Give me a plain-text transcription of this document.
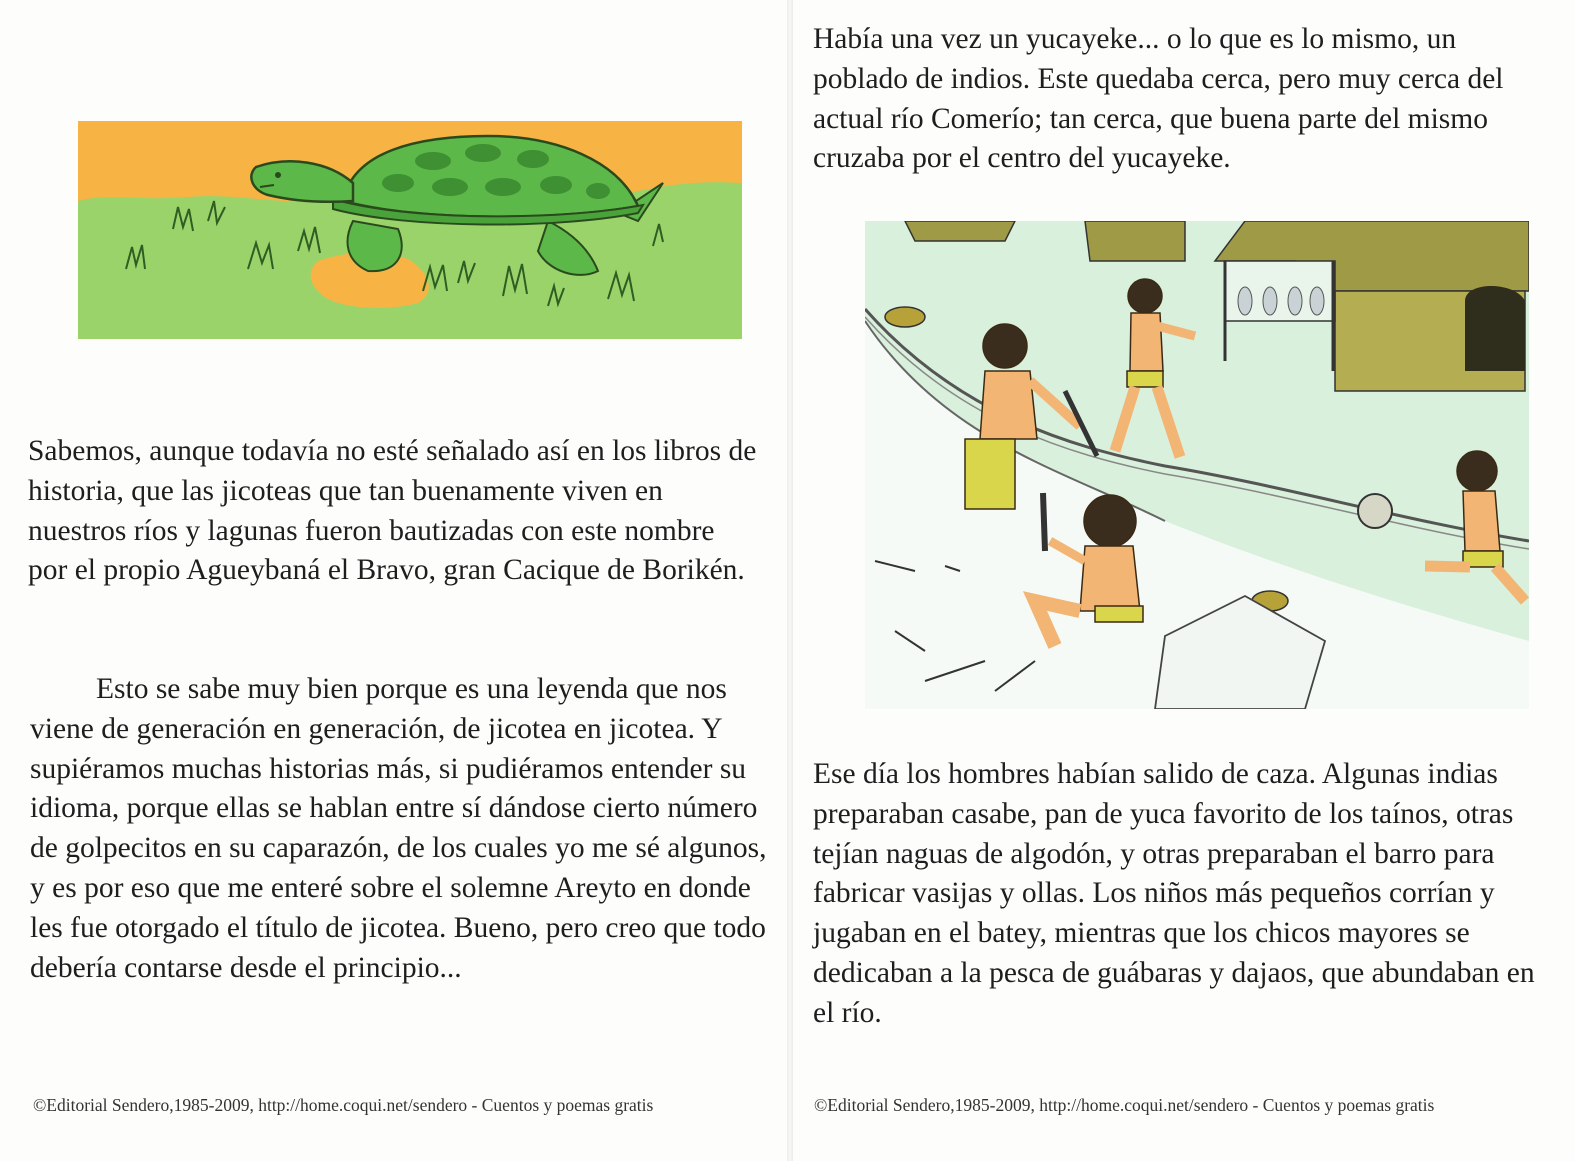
Sabemos, aunque todavía no esté señalado así en los libros de historia, que las jicoteas que tan buenamente viven en nuestros ríos y lagunas fueron bautizadas con este nombre por el propio Agueybaná el Bravo, gran Cacique de Borikén.

Esto se sabe muy bien porque es una leyenda que nos viene de generación en generación, de jicotea en jicotea. Y supiéramos muchas historias más, si pudiéramos entender su idioma, porque ellas se hablan entre sí dándose cierto número de golpecitos en su caparazón, de los cuales yo me sé algunos, y es por eso que me enteré sobre el solemne Areyto en donde les fue otorgado el título de jicotea. Bueno, pero creo que todo debería contarse desde el principio...

©Editorial Sendero,1985-2009, http://home.coqui.net/sendero - Cuentos y poemas gratis

Había una vez un yucayeke... o lo que es lo mismo, un poblado de indios. Este quedaba cerca, pero muy cerca del actual río Comerío; tan cerca, que buena parte del mismo cruzaba por el centro del yucayeke.

Ese día los hombres habían salido de caza. Algunas indias preparaban casabe, pan de yuca favorito de los taínos, otras tejían naguas de algodón, y otras preparaban el barro para fabricar vasijas y ollas. Los niños más pequeños corrían y jugaban en el batey, mientras que los chicos mayores se dedicaban a la pesca de guábaras y dajaos, que abundaban en el río.

©Editorial Sendero,1985-2009, http://home.coqui.net/sendero - Cuentos y poemas gratis
